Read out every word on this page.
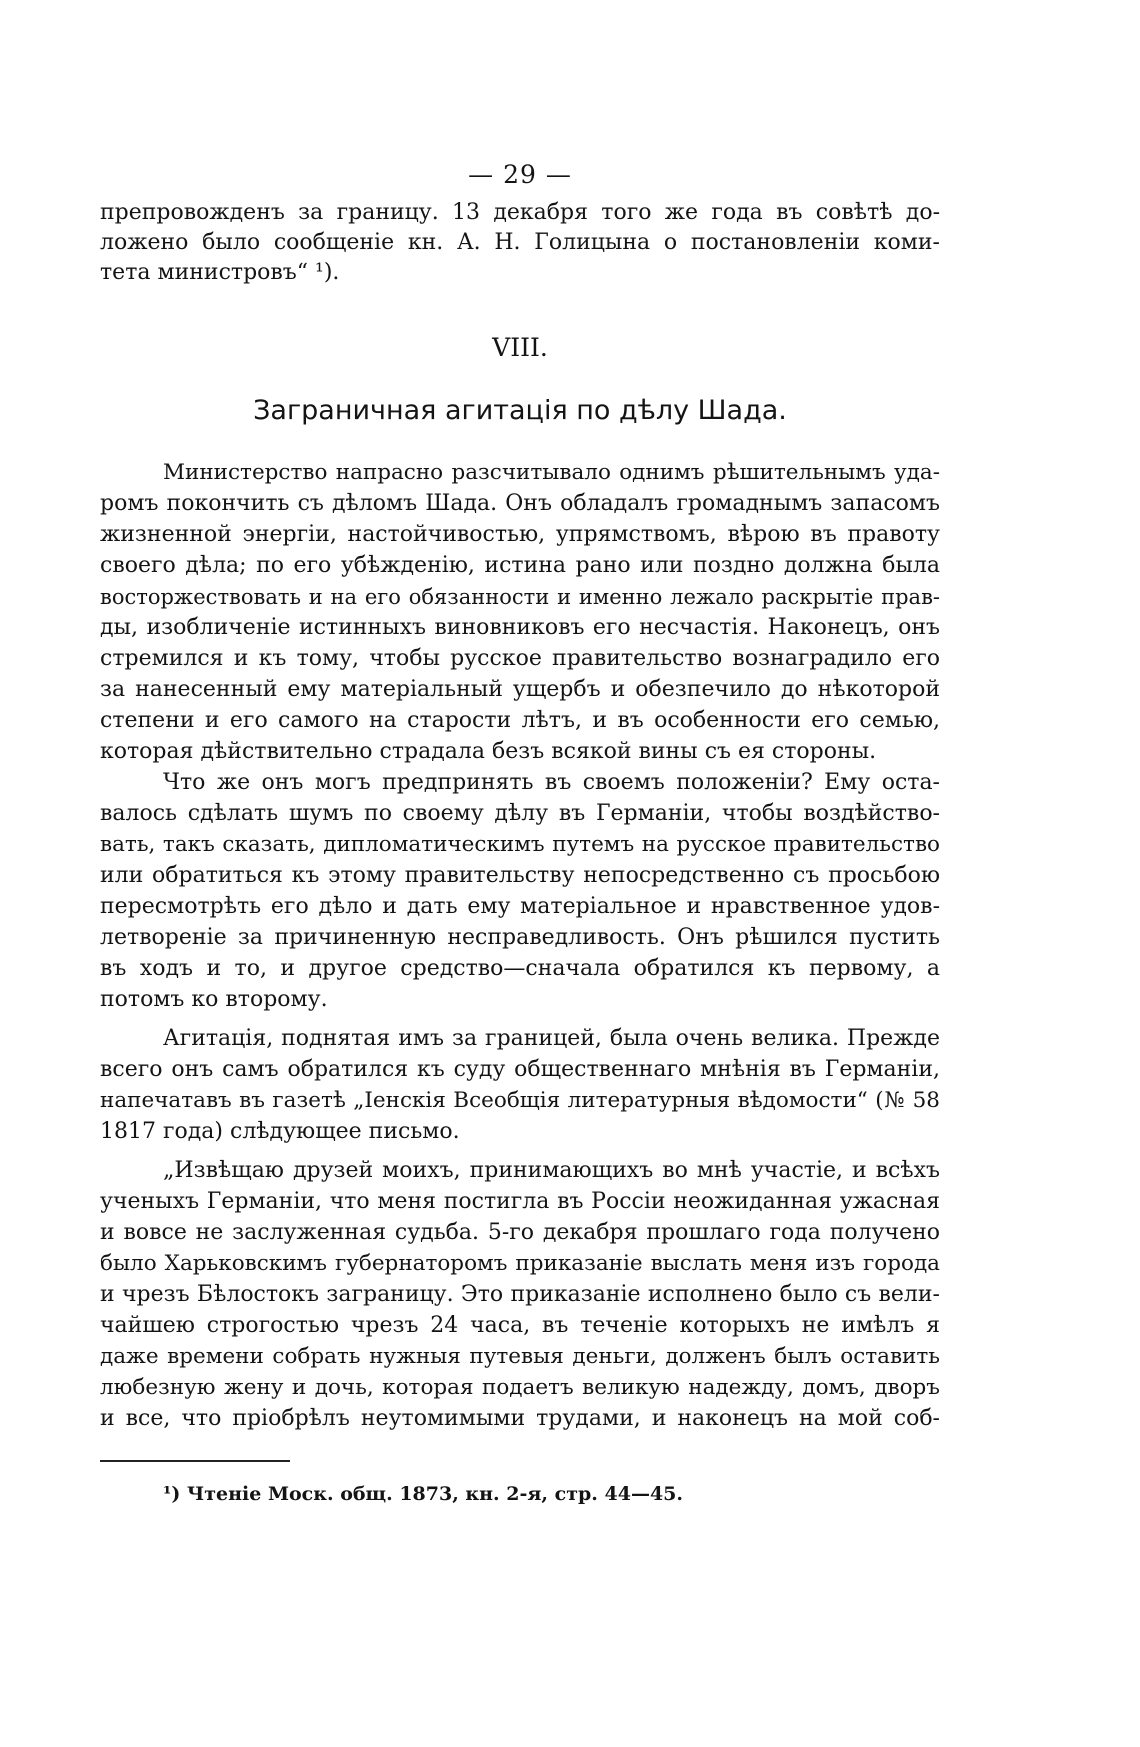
— 29 —
препровожденъ за границу. 13 декабря того же года въ совѣтѣ до-
ложено было сообщеніе кн. А. Н. Голицына о постановленіи коми-
тета министровъ“ ¹).
VIII.
Заграничная агитація по дѣлу Шада.
Министерство напрасно разсчитывало однимъ рѣшительнымъ уда-
ромъ покончить съ дѣломъ Шада. Онъ обладалъ громаднымъ запасомъ
жизненной энергіи, настойчивостью, упрямствомъ, вѣрою въ правоту
своего дѣла; по его убѣжденію, истина рано или поздно должна была
восторжествовать и на его обязанности и именно лежало раскрытіе прав-
ды, изобличеніе истинныхъ виновниковъ его несчастія. Наконецъ, онъ
стремился и къ тому, чтобы русское правительство вознаградило его
за нанесенный ему матеріальный ущербъ и обезпечило до нѣкоторой
степени и его самого на старости лѣтъ, и въ особенности его семью,
которая дѣйствительно страдала безъ всякой вины съ ея стороны.
Что же онъ могъ предпринять въ своемъ положеніи? Ему оста-
валось сдѣлать шумъ по своему дѣлу въ Германіи, чтобы воздѣйство-
вать, такъ сказать, дипломатическимъ путемъ на русское правительство
или обратиться къ этому правительству непосредственно съ просьбою
пересмотрѣть его дѣло и дать ему матеріальное и нравственное удов-
летвореніе за причиненную несправедливость. Онъ рѣшился пустить
въ ходъ и то, и другое средство—сначала обратился къ первому, а
потомъ ко второму.
Агитація, поднятая имъ за границей, была очень велика. Прежде
всего онъ самъ обратился къ суду общественнаго мнѣнія въ Германіи,
напечатавъ въ газетѣ „Іенскія Всеобщія литературныя вѣдомости“ (№ 58
1817 года) слѣдующее письмо.
„Извѣщаю друзей моихъ, принимающихъ во мнѣ участіе, и всѣхъ
ученыхъ Германіи, что меня постигла въ Россіи неожиданная ужасная
и вовсе не заслуженная судьба. 5-го декабря прошлаго года получено
было Харьковскимъ губернаторомъ приказаніе выслать меня изъ города
и чрезъ Бѣлостокъ заграницу. Это приказаніе исполнено было съ вели-
чайшею строгостью чрезъ 24 часа, въ теченіе которыхъ не имѣлъ я
даже времени собрать нужныя путевыя деньги, долженъ былъ оставить
любезную жену и дочь, которая подаетъ великую надежду, домъ, дворъ
и все, что пріобрѣлъ неутомимыми трудами, и наконецъ на мой соб-
¹) Чтеніе Моск. общ. 1873, кн. 2-я, стр. 44—45.
